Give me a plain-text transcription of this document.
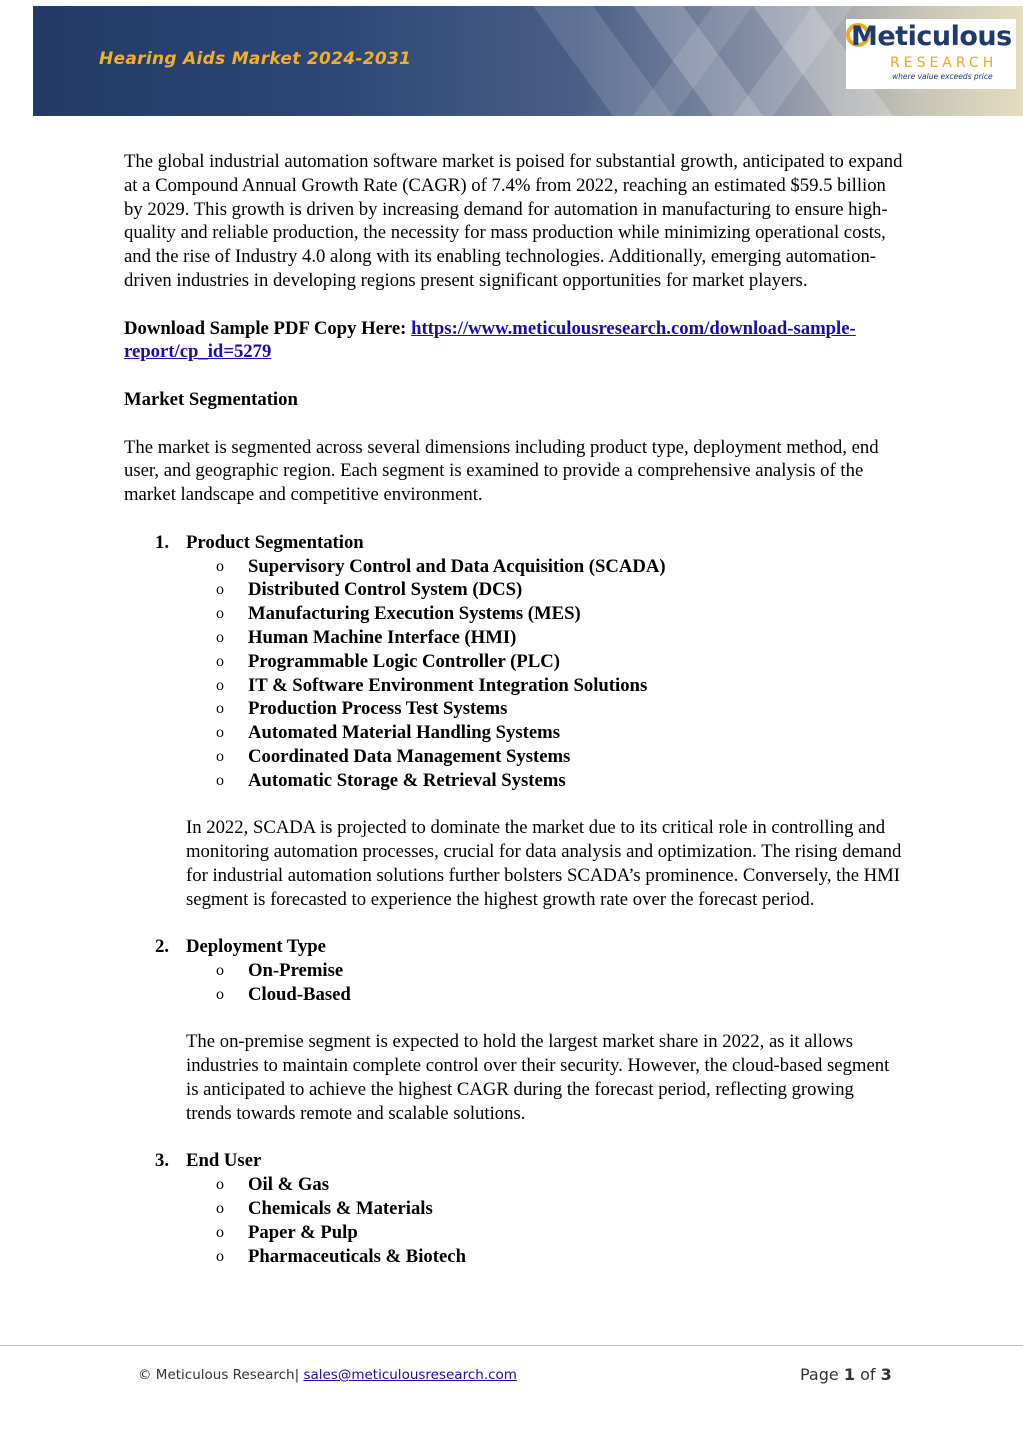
Hearing Aids Market 2024-2031
Meticulous
RESEARCH
where value exceeds price

The global industrial automation software market is poised for substantial growth, anticipated to expand at a Compound Annual Growth Rate (CAGR) of 7.4% from 2022, reaching an estimated $59.5 billion by 2029. This growth is driven by increasing demand for automation in manufacturing to ensure high-quality and reliable production, the necessity for mass production while minimizing operational costs, and the rise of Industry 4.0 along with its enabling technologies. Additionally, emerging automation-driven industries in developing regions present significant opportunities for market players.

Download Sample PDF Copy Here: https://www.meticulousresearch.com/download-sample-report/cp_id=5279

Market Segmentation

The market is segmented across several dimensions including product type, deployment method, end user, and geographic region. Each segment is examined to provide a comprehensive analysis of the market landscape and competitive environment.

1. Product Segmentation
o Supervisory Control and Data Acquisition (SCADA)
o Distributed Control System (DCS)
o Manufacturing Execution Systems (MES)
o Human Machine Interface (HMI)
o Programmable Logic Controller (PLC)
o IT & Software Environment Integration Solutions
o Production Process Test Systems
o Automated Material Handling Systems
o Coordinated Data Management Systems
o Automatic Storage & Retrieval Systems

In 2022, SCADA is projected to dominate the market due to its critical role in controlling and monitoring automation processes, crucial for data analysis and optimization. The rising demand for industrial automation solutions further bolsters SCADA’s prominence. Conversely, the HMI segment is forecasted to experience the highest growth rate over the forecast period.

2. Deployment Type
o On-Premise
o Cloud-Based

The on-premise segment is expected to hold the largest market share in 2022, as it allows industries to maintain complete control over their security. However, the cloud-based segment is anticipated to achieve the highest CAGR during the forecast period, reflecting growing trends towards remote and scalable solutions.

3. End User
o Oil & Gas
o Chemicals & Materials
o Paper & Pulp
o Pharmaceuticals & Biotech
© Meticulous Research| sales@meticulousresearch.com	Page 1 of 3
